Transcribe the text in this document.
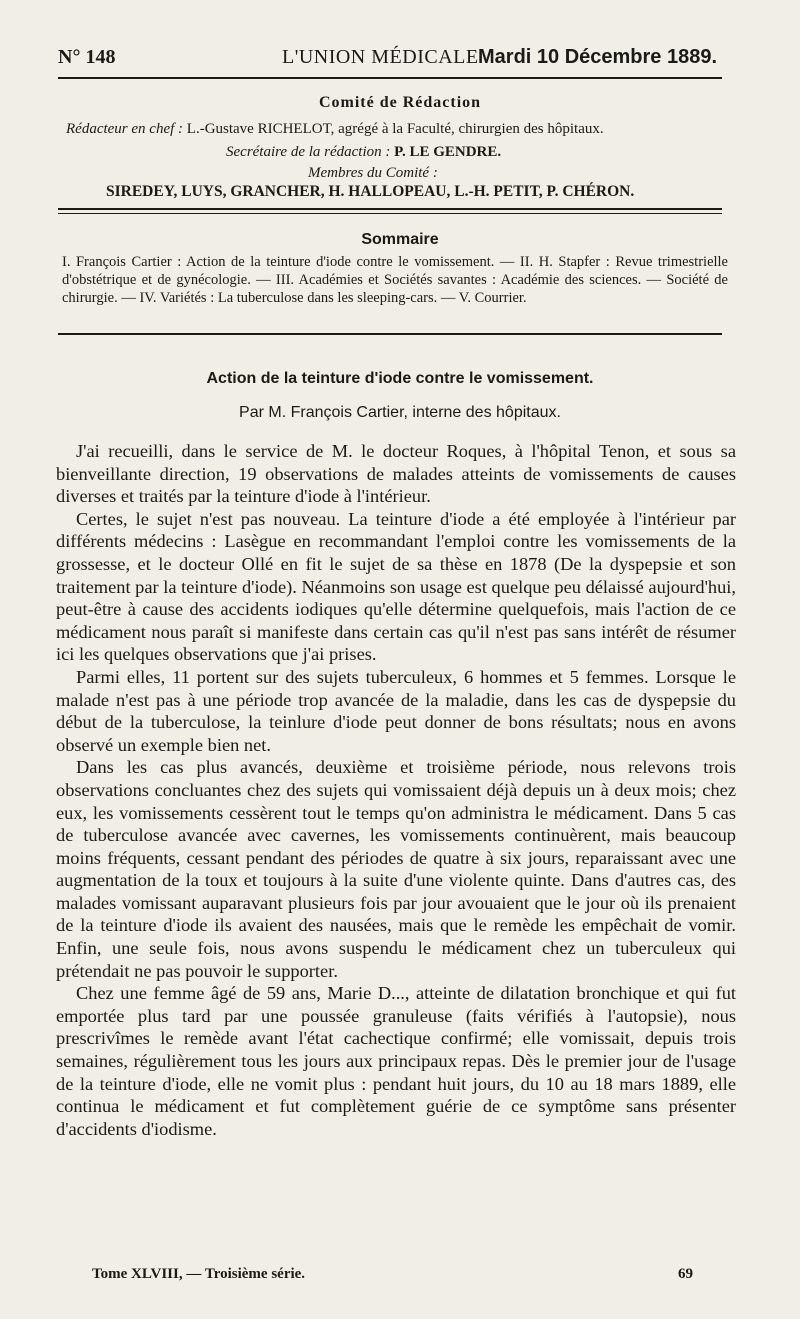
N° 148	L'UNION MÉDICALE Mardi 10 Décembre 1889.
Comité de Rédaction
Rédacteur en chef : L.-Gustave RICHELOT, agrégé à la Faculté, chirurgien des hôpitaux.
Secrétaire de la rédaction : P. LE GENDRE.
Membres du Comité :
SIREDEY, LUYS, GRANCHER, H. HALLOPEAU, L.-H. PETIT, P. CHÉRON.
Sommaire
I. François Cartier : Action de la teinture d'iode contre le vomissement. — II. H. Stapfer : Revue trimestrielle d'obstétrique et de gynécologie. — III. Académies et Sociétés savantes : Académie des sciences. — Société de chirurgie. — IV. Variétés : La tuberculose dans les sleeping-cars. — V. Courrier.
Action de la teinture d'iode contre le vomissement.
Par M. François Cartier, interne des hôpitaux.

J'ai recueilli, dans le service de M. le docteur Roques, à l'hôpital Tenon, et sous sa bienveillante direction, 19 observations de malades atteints de vomissements de causes diverses et traités par la teinture d'iode à l'intérieur.

Certes, le sujet n'est pas nouveau. La teinture d'iode a été employée à l'intérieur par différents médecins : Lasègue en recommandant l'emploi contre les vomissements de la grossesse, et le docteur Ollé en fit le sujet de sa thèse en 1878 (De la dyspepsie et son traitement par la teinture d'iode). Néanmoins son usage est quelque peu délaissé aujourd'hui, peut-être à cause des accidents iodiques qu'elle détermine quelquefois, mais l'action de ce médicament nous paraît si manifeste dans certain cas qu'il n'est pas sans intérêt de résumer ici les quelques observations que j'ai prises.

Parmi elles, 11 portent sur des sujets tuberculeux, 6 hommes et 5 femmes. Lorsque le malade n'est pas à une période trop avancée de la maladie, dans les cas de dyspepsie du début de la tuberculose, la teinlure d'iode peut donner de bons résultats; nous en avons observé un exemple bien net.

Dans les cas plus avancés, deuxième et troisième période, nous relevons trois observations concluantes chez des sujets qui vomissaient déjà depuis un à deux mois; chez eux, les vomissements cessèrent tout le temps qu'on administra le médicament. Dans 5 cas de tuberculose avancée avec cavernes, les vomissements continuèrent, mais beaucoup moins fréquents, cessant pendant des périodes de quatre à six jours, reparaissant avec une augmentation de la toux et toujours à la suite d'une violente quinte. Dans d'autres cas, des malades vomissant auparavant plusieurs fois par jour avouaient que le jour où ils prenaient de la teinture d'iode ils avaient des nausées, mais que le remède les empêchait de vomir. Enfin, une seule fois, nous avons suspendu le médicament chez un tuberculeux qui prétendait ne pas pouvoir le supporter.

Chez une femme âgé de 59 ans, Marie D..., atteinte de dilatation bronchique et qui fut emportée plus tard par une poussée granuleuse (faits vérifiés à l'autopsie), nous prescrivîmes le remède avant l'état cachectique confirmé; elle vomissait, depuis trois semaines, régulièrement tous les jours aux principaux repas. Dès le premier jour de l'usage de la teinture d'iode, elle ne vomit plus : pendant huit jours, du 10 au 18 mars 1889, elle continua le médicament et fut complètement guérie de ce symptôme sans présenter d'accidents d'iodisme.

Tome XLVIII, — Troisième série.	69
